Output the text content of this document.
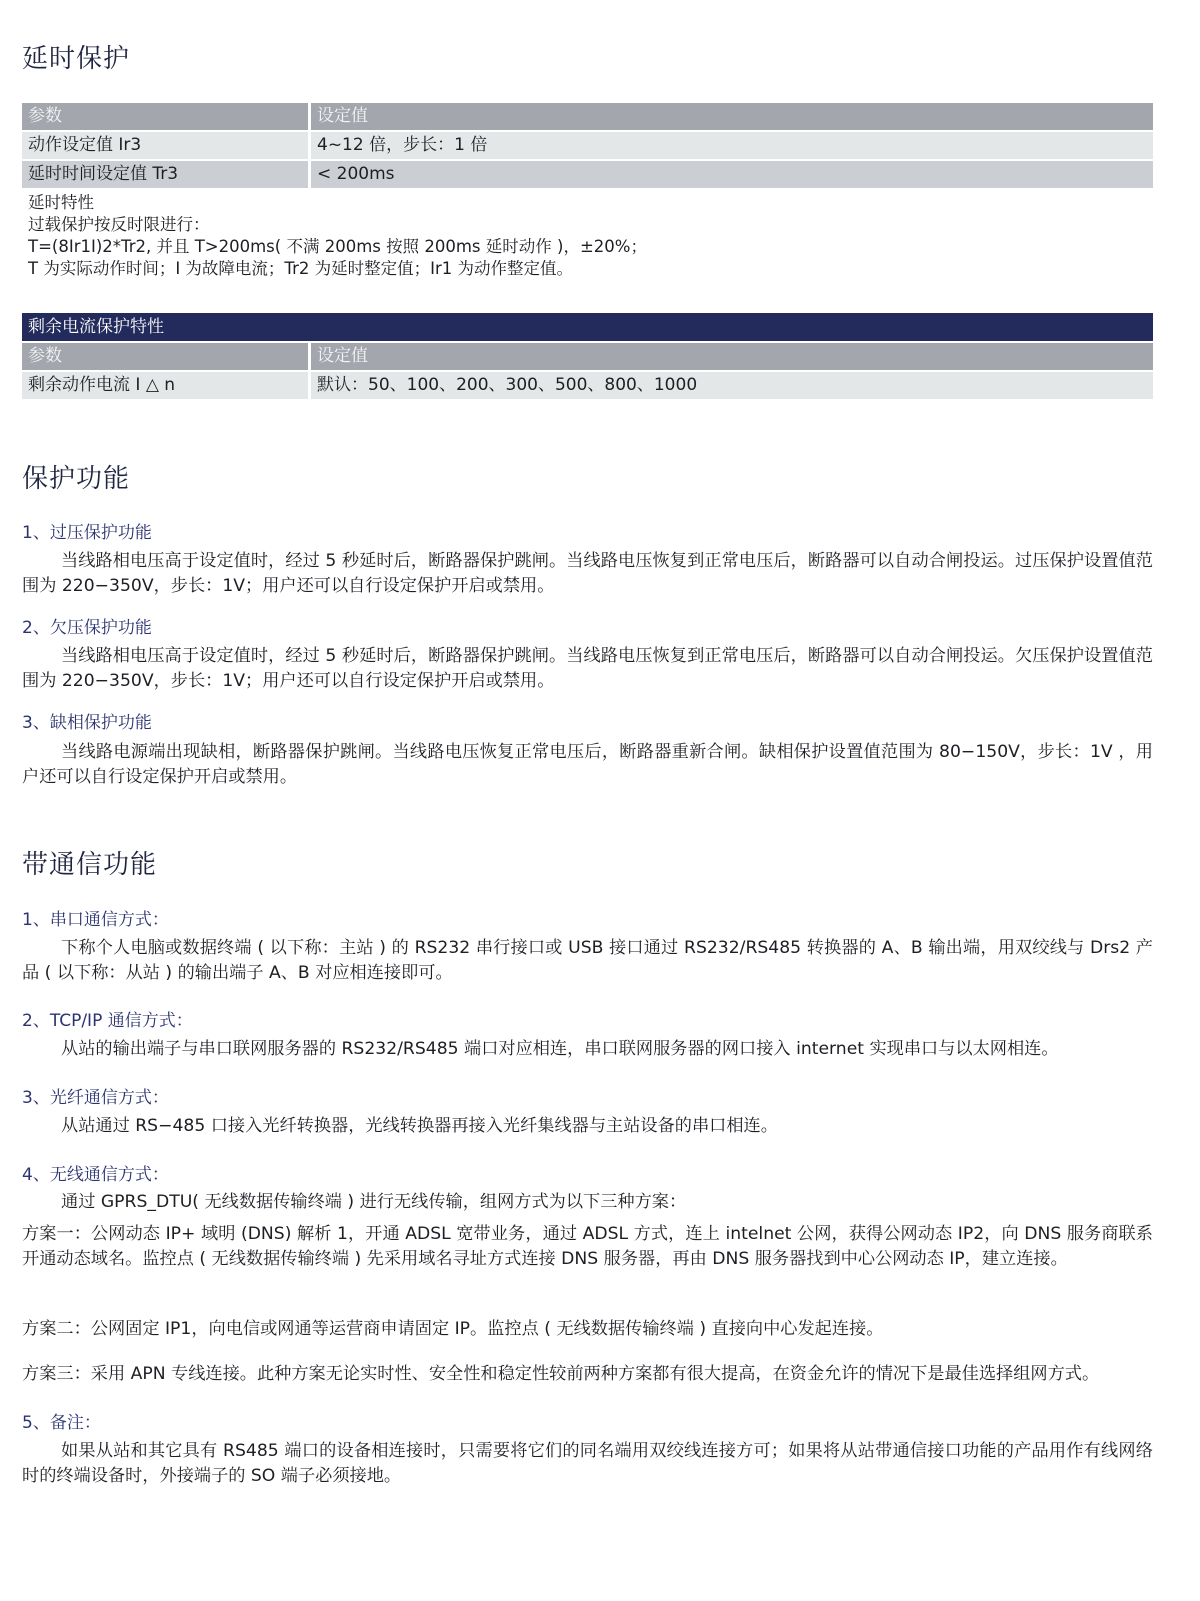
延时保护
参数	设定值
动作设定值 Ir3	4~12 倍，步长：1 倍
延时时间设定值 Tr3	< 200ms
延时特性
过载保护按反时限进行：
T=(8Ir1I)2*Tr2, 并且 T>200ms( 不满 200ms 按照 200ms 延时动作 )，±20%；
T 为实际动作时间；I 为故障电流；Tr2 为延时整定值；Ir1 为动作整定值。
剩余电流保护特性
参数	设定值
剩余动作电流 I △ n	默认：50、100、200、300、500、800、1000
保护功能
1、过压保护功能
当线路相电压高于设定值时，经过 5 秒延时后，断路器保护跳闸。当线路电压恢复到正常电压后，断路器可以自动合闸投运。过压保护设置值范围为 220−350V，步长：1V；用户还可以自行设定保护开启或禁用。
2、欠压保护功能
当线路相电压高于设定值时，经过 5 秒延时后，断路器保护跳闸。当线路电压恢复到正常电压后，断路器可以自动合闸投运。欠压保护设置值范围为 220−350V，步长：1V；用户还可以自行设定保护开启或禁用。
3、缺相保护功能
当线路电源端出现缺相，断路器保护跳闸。当线路电压恢复正常电压后，断路器重新合闸。缺相保护设置值范围为 80−150V，步长：1V ，用户还可以自行设定保护开启或禁用。
带通信功能
1、串口通信方式：
下称个人电脑或数据终端 ( 以下称：主站 ) 的 RS232 串行接口或 USB 接口通过 RS232/RS485 转换器的 A、B 输出端，用双绞线与 Drs2 产品 ( 以下称：从站 ) 的输出端子 A、B 对应相连接即可。
2、TCP/IP 通信方式：
从站的输出端子与串口联网服务器的 RS232/RS485 端口对应相连，串口联网服务器的网口接入 internet 实现串口与以太网相连。
3、光纤通信方式：
从站通过 RS−485 口接入光纤转换器，光线转换器再接入光纤集线器与主站设备的串口相连。
4、无线通信方式：
通过 GPRS_DTU( 无线数据传输终端 ) 进行无线传输，组网方式为以下三种方案：
方案一：公网动态 IP+ 域明 (DNS) 解析 1，开通 ADSL 宽带业务，通过 ADSL 方式，连上 intelnet 公网，获得公网动态 IP2，向 DNS 服务商联系开通动态域名。监控点 ( 无线数据传输终端 ) 先采用域名寻址方式连接 DNS 服务器，再由 DNS 服务器找到中心公网动态 IP，建立连接。
方案二：公网固定 IP1，向电信或网通等运营商申请固定 IP。监控点 ( 无线数据传输终端 ) 直接向中心发起连接。
方案三：采用 APN 专线连接。此种方案无论实时性、安全性和稳定性较前两种方案都有很大提高，在资金允许的情况下是最佳选择组网方式。
5、备注：
如果从站和其它具有 RS485 端口的设备相连接时，只需要将它们的同名端用双绞线连接方可；如果将从站带通信接口功能的产品用作有线网络时的终端设备时，外接端子的 SO 端子必须接地。
